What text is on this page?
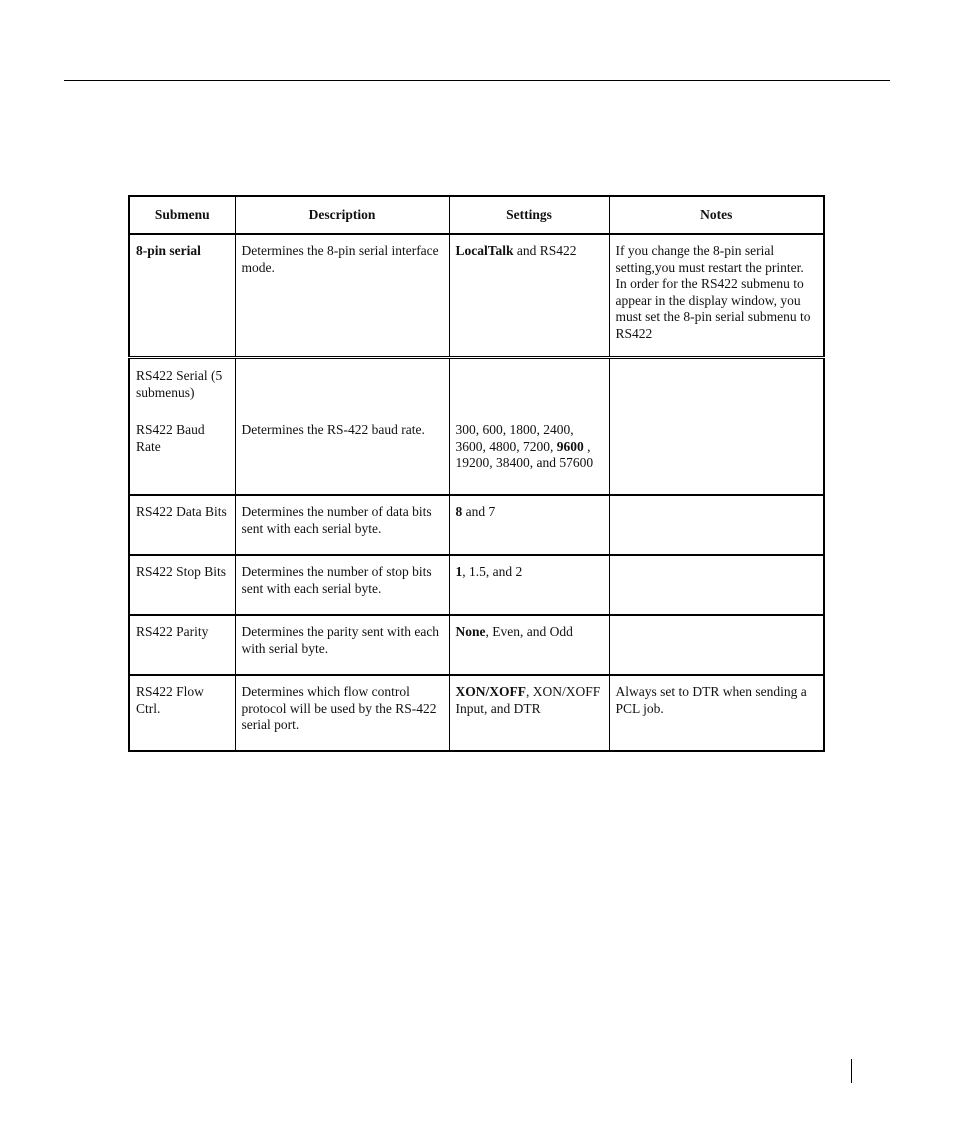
Submenu	Description	Settings	Notes
8-pin serial	Determines the 8-pin serial interface mode.	LocalTalk and RS422	If you change the 8-pin serial setting,you must restart the printer. In order for the RS422 submenu to appear in the display window, you must set the 8-pin serial submenu to RS422
RS422 Serial (5 submenus)			
RS422 Baud Rate	Determines the RS-422 baud rate.	300, 600, 1800, 2400, 3600, 4800, 7200, 9600 , 19200, 38400, and 57600	
RS422 Data Bits	Determines the number of data bits sent with each serial byte.	8 and 7	
RS422 Stop Bits	Determines the number of stop bits sent with each serial byte.	1, 1.5, and 2	
RS422 Parity	Determines the parity sent with each with serial byte.	None, Even, and Odd	
RS422 Flow Ctrl.	Determines which flow control protocol will be used by the RS-422 serial port.	XON/XOFF, XON/XOFF Input, and DTR	Always set to DTR when sending a PCL job.
